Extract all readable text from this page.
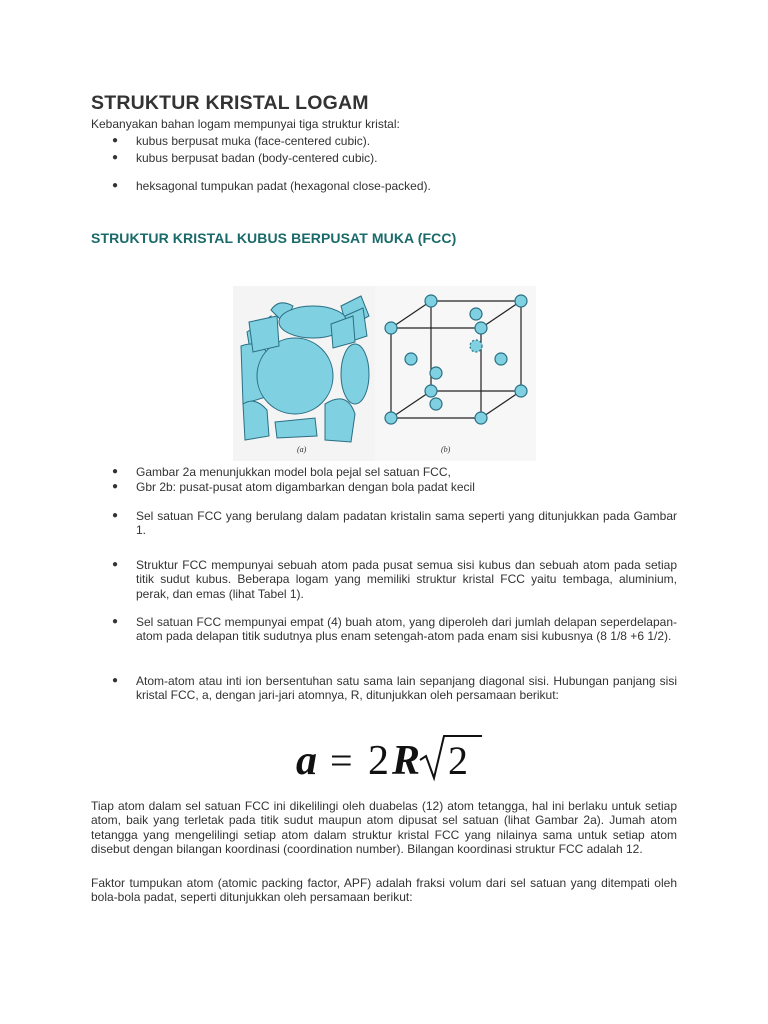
STRUKTUR KRISTAL LOGAM

Kebanyakan bahan logam mempunyai tiga struktur kristal:

● kubus berpusat muka (face-centered cubic).

● kubus berpusat badan (body-centered cubic).

● heksagonal tumpukan padat (hexagonal close-packed).

STRUKTUR KRISTAL KUBUS BERPUSAT MUKA (FCC)
(a)	(b)
● Gambar 2a menunjukkan model bola pejal sel satuan FCC,

● Gbr 2b: pusat-pusat atom digambarkan dengan bola padat kecil

● Sel satuan FCC yang berulang dalam padatan kristalin sama seperti yang ditunjukkan pada Gambar 1.

● Struktur FCC mempunyai sebuah atom pada pusat semua sisi kubus dan sebuah atom pada setiap titik sudut kubus. Beberapa logam yang memiliki struktur kristal FCC yaitu tembaga, aluminium, perak, dan emas (lihat Tabel 1).

● Sel satuan FCC mempunyai empat (4) buah atom, yang diperoleh dari jumlah delapan seperdelapan-atom pada delapan titik sudutnya plus enam setengah-atom pada enam sisi kubusnya (8 1/8 +6 1/2).

● Atom-atom atau inti ion bersentuhan satu sama lain sepanjang diagonal sisi. Hubungan panjang sisi kristal FCC, a, dengan jari-jari atomnya, R, ditunjukkan oleh persamaan berikut:

a = 2 R 2

Tiap atom dalam sel satuan FCC ini dikelilingi oleh duabelas (12) atom tetangga, hal ini berlaku untuk setiap atom, baik yang terletak pada titik sudut maupun atom dipusat sel satuan (lihat Gambar 2a). Jumah atom tetangga yang mengelilingi setiap atom dalam struktur kristal FCC yang nilainya sama untuk setiap atom disebut dengan bilangan koordinasi (coordination number). Bilangan koordinasi struktur FCC adalah 12.

Faktor tumpukan atom (atomic packing factor, APF) adalah fraksi volum dari sel satuan yang ditempati oleh bola-bola padat, seperti ditunjukkan oleh persamaan berikut:
